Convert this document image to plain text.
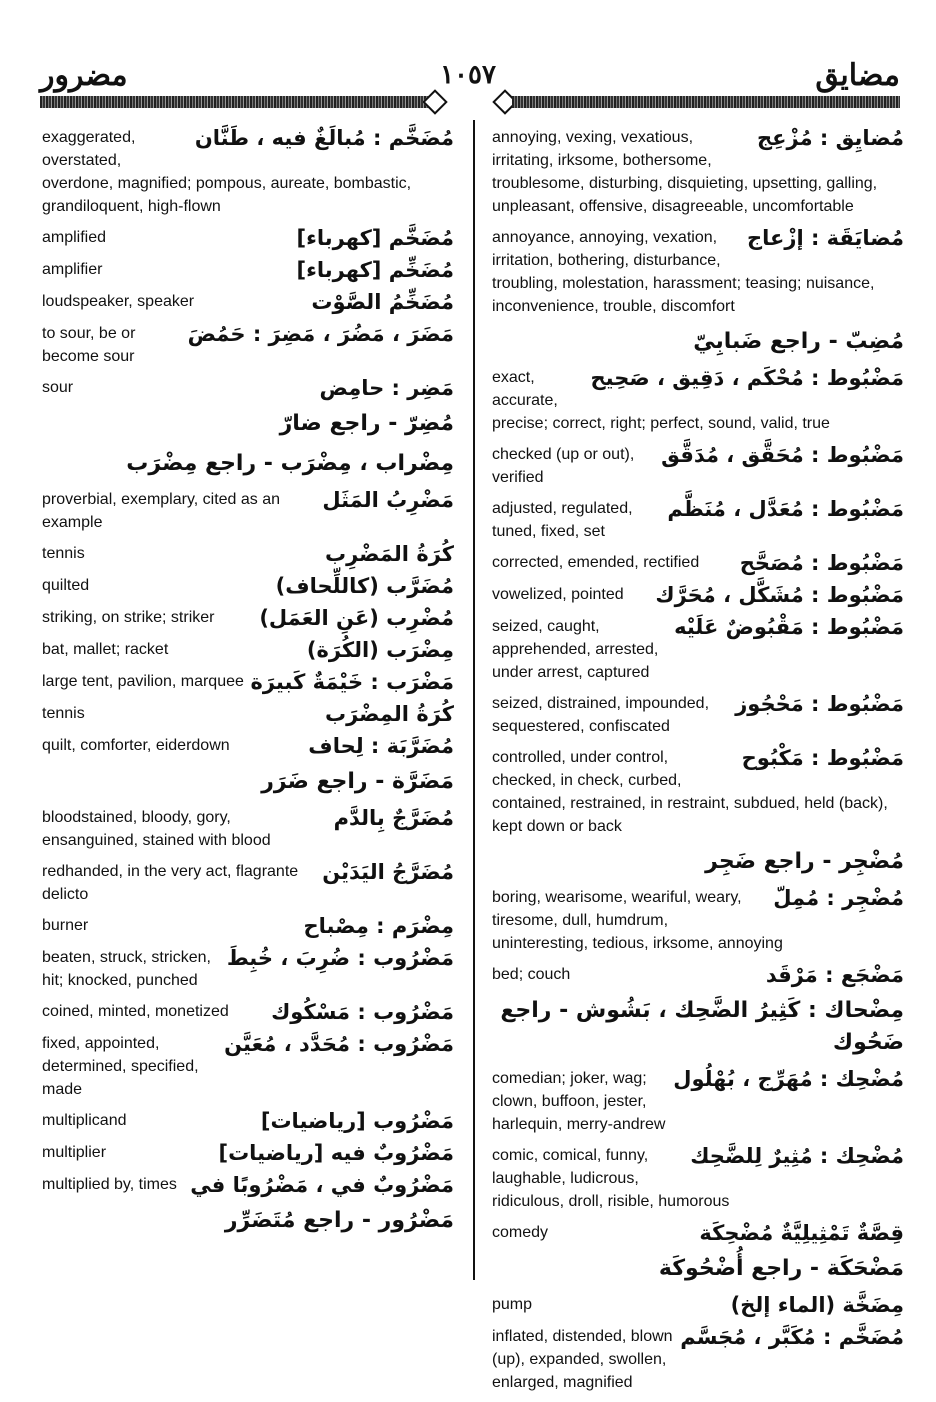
مضرور	١٠٥٧	مضايق
مُضَخَّم : مُبالَغٌ فيه ، طَنَّان
exaggerated, overstated, overdone, magnified; pompous, aureate, bombastic, grandiloquent, high-flown
مُضَخَّم [كهرباء]
amplified
مُضَخِّم [كهرباء]
amplifier
مُضَخِّمُ الصَّوْت
loudspeaker, speaker
مَضَرَ ، مَضُرَ ، مَضِرَ : حَمُضَ
to sour, be or become sour
مَضِر : حامِض
sour
مُضِرّ - راجع ضارّ
مِضْراب ، مِضْرَب - راجع مِضْرَب
مَضْرِبُ المَثَل
proverbial, exemplary, cited as an example
كُرَةُ المَضْرِب
tennis
مُضَرَّب (كاللِّحاف)
quilted
مُضْرِب (عَنِ العَمَل)
striking, on strike; striker
مِضْرَب (الكُرَة)
bat, mallet; racket
مَضْرَب : خَيْمَةٌ كَبيرَة
large tent, pavilion, marquee
كُرَةُ المِضْرَب
tennis
مُضَرَّبَة : لِحاف
quilt, comforter, eiderdown
مَضَرَّة - راجع ضَرَر
مُضَرَّجٌ بِالدَّم
bloodstained, bloody, gory, ensanguined, stained with blood
مُضَرَّجُ اليَدَيْن
redhanded, in the very act, flagrante delicto
مِضْرَم : مِصْباح
burner
مَضْرُوب : ضُرِبَ ، خُبِطَ
beaten, struck, stricken, hit; knocked, punched
مَضْرُوب : مَسْكُوك
coined, minted, monetized
مَضْرُوب : مُحَدَّد ، مُعَيَّن
fixed, appointed, determined, specified, made
مَضْرُوب [رياضيات]
multiplicand
مَضْرُوبٌ فيه [رياضيات]
multiplier
مَضْرُوبٌ في ، مَضْرُوبًا في
multiplied by, times
مَضْرُور - راجع مُتَضَرِّر
مُضايِق : مُزْعِج
annoying, vexing, vexatious, irritating, irksome, bothersome, troublesome, disturbing, disquieting, upsetting, galling, unpleasant, offensive, disagreeable, uncomfortable
مُضايَقَة : إزْعاج
annoyance, annoying, vexation, irritation, bothering, disturbance, troubling, molestation, harassment; teasing; nuisance, inconvenience, trouble, discomfort
مُضِبّ - راجع ضَبابِيّ
مَضْبُوط : مُحْكَم ، دَقِيق ، صَحِيح
exact, accurate, precise; correct, right; perfect, sound, valid, true
مَضْبُوط : مُحَقَّق ، مُدَقَّق
checked (up or out), verified
مَضْبُوط : مُعَدَّل ، مُنَظَّم
adjusted, regulated, tuned, fixed, set
مَضْبُوط : مُصَحَّح
corrected, emended, rectified
مَضْبُوط : مُشَكَّل ، مُحَرَّك
vowelized, pointed
مَضْبُوط : مَقْبُوضٌ عَلَيْه
seized, caught, apprehended, arrested, under arrest, captured
مَضْبُوط : مَحْجُوز
seized, distrained, impounded, sequestered, confiscated
مَضْبُوط : مَكْبُوح
controlled, under control, checked, in check, curbed, contained, restrained, in restraint, subdued, held (back), kept down or back
مُضْجِر - راجع ضَجِر
مُضْجِر : مُمِلّ
boring, wearisome, weariful, weary, tiresome, dull, humdrum, uninteresting, tedious, irksome, annoying
مَضْجَع : مَرْقَد
bed; couch
مِضْحاك : كَثِيرُ الضَّحِك ، بَشُوش - راجع ضَحُوك
مُضْحِك : مُهَرِّج ، بُهْلُول
comedian; joker, wag; clown, buffoon, jester, harlequin, merry-andrew
مُضْحِك : مُثِيرٌ لِلضَّحِك
comic, comical, funny, laughable, ludicrous, ridiculous, droll, risible, humorous
قِصَّةٌ تَمْثِيلِيَّةٌ مُضْحِكَة
comedy
مَضْحَكَة - راجع أُضْحُوكَة
مِضَخَّة (الماء إلخ)
pump
مُضَخَّم : مُكَبَّر ، مُجَسَّم
inflated, distended, blown (up), expanded, swollen, enlarged, magnified
